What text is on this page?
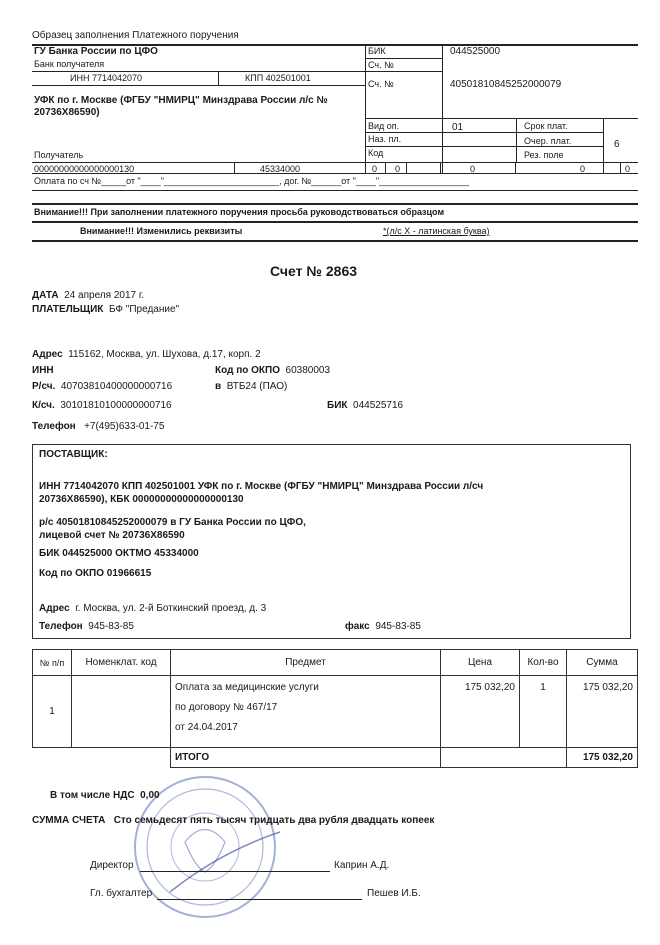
Образец заполнения Платежного поручения
ГУ Банка России по ЦФО
Банк получателя
БИК	044525000
Сч. №
ИНН 7714042070	КПП 402501001
Сч. №	40501810845252000079
УФК по г. Москве (ФГБУ "НМИРЦ" Минздрава России л/с № 20736X86590)
Получатель
Вид оп.	01	Срок плат.
Наз. пл.	Очер. плат.	6
Код	Рез. поле
00000000000000000130	45334000	0 0	0	0	0
Оплата по сч №_____от "____"_______________________, дог. №______от "____"__________________
Внимание!!! При заполнении платежного поручения просьба руководствоваться образцом
Внимание!!! Изменились реквизиты	*(л/с X - латинская буква)
Счет № 2863
ДАТА 24 апреля 2017 г.
ПЛАТЕЛЬЩИК БФ "Предание"
Адрес 115162, Москва, ул. Шухова, д.17, корп. 2
ИНН	Код по ОКПО 60380003
Р/сч. 40703810400000000716	в ВТБ24 (ПАО)
К/сч. 30101810100000000716	БИК 044525716
Телефон +7(495)633-01-75
ПОСТАВЩИК:
ИНН 7714042070 КПП 402501001 УФК по г. Москве (ФГБУ "НМИРЦ" Минздрава России л/сч
20736X86590), КБК 00000000000000000130
р/с 40501810845252000079 в ГУ Банка России по ЦФО,
лицевой счет № 20736X86590
БИК 044525000 ОКТМО 45334000
Код по ОКПО 01966615
Адрес г. Москва, ул. 2-й Боткинский проезд, д. 3
Телефон 945-83-85	факс 945-83-85
№ п/п	Номенклат. код	Предмет	Цена	Кол-во	Сумма
1		Оплата за медицинские услуги
по договору № 467/17
от 24.04.2017	175 032,20	1	175 032,20
		ИТОГО			175 032,20
В том числе НДС 0,00
СУММА СЧЕТА Сто семьдесят пять тысяч тридцать два рубля двадцать копеек
Директор	Каприн А.Д.
Гл. бухгалтер	Пешев И.Б.
